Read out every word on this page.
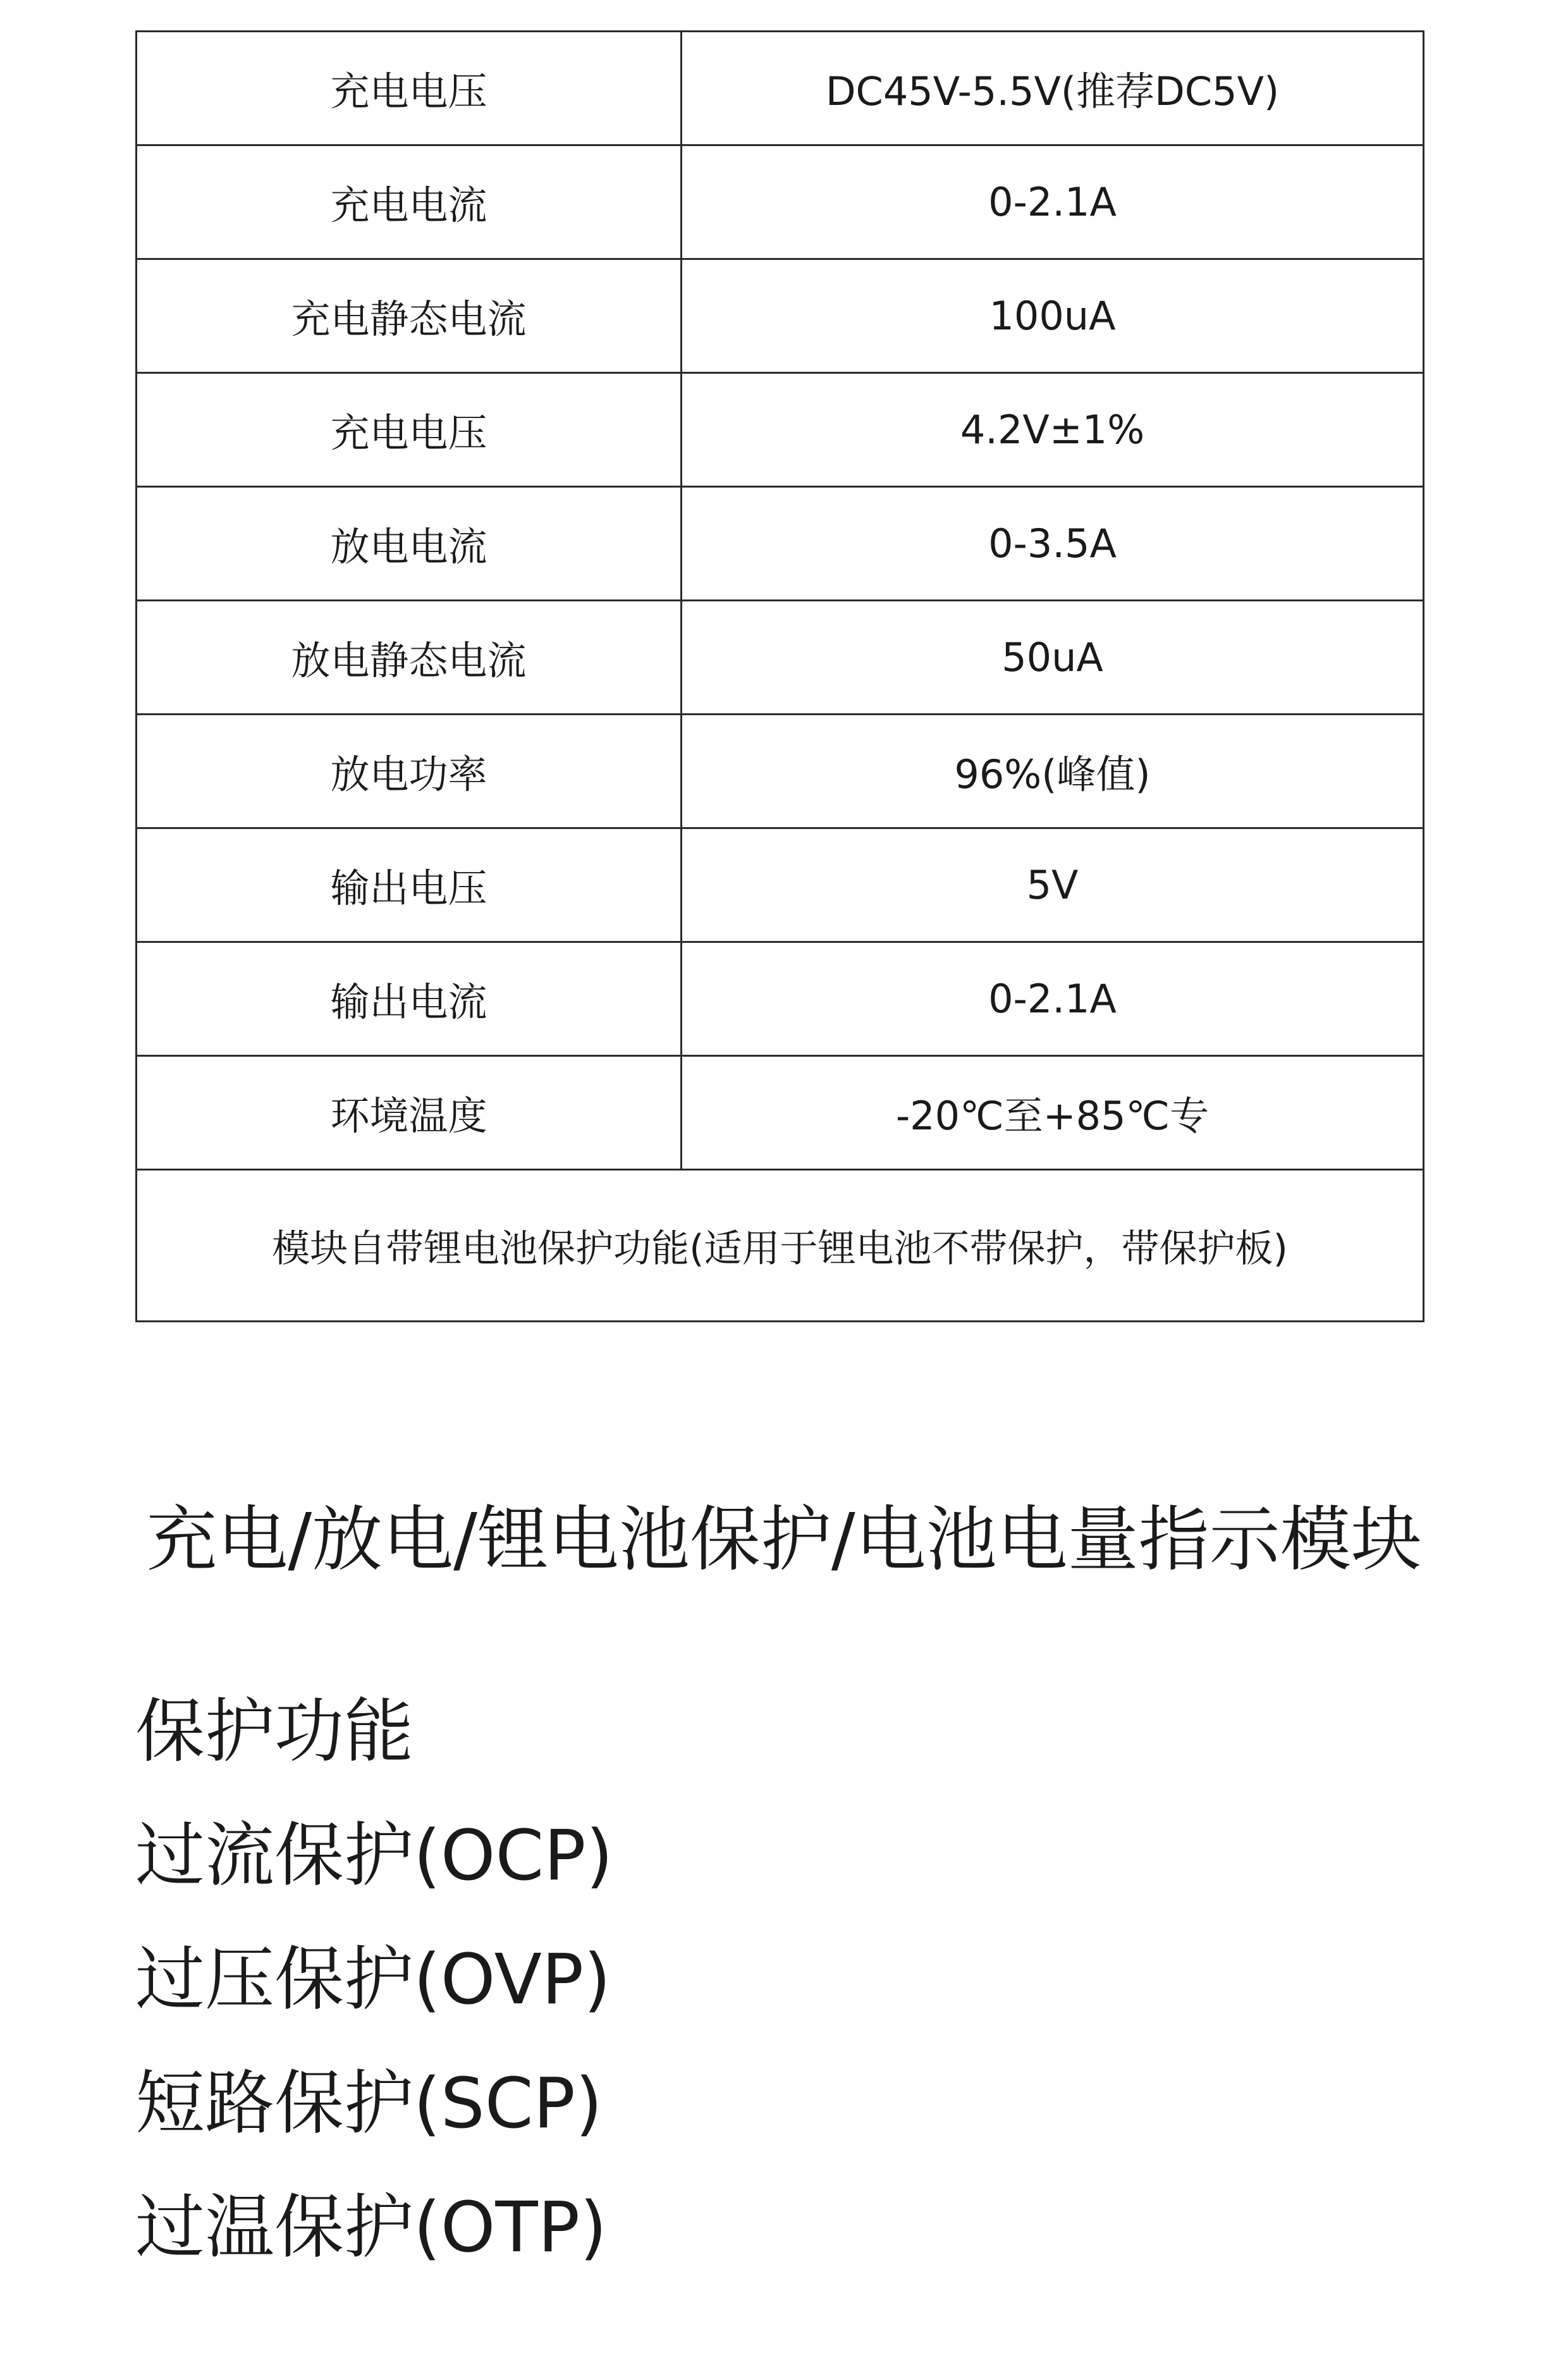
充电电压	DC45V-5.5V(推荐DC5V)
充电电流	0-2.1A
充电静态电流	100uA
充电电压	4.2V±1%
放电电流	0-3.5A
放电静态电流	50uA
放电功率	96%(峰值)
输出电压	5V
输出电流	0-2.1A
环境温度	-20℃至+85℃专
模块自带锂电池保护功能(适用于锂电池不带保护，带保护板)	
充电/放电/锂电池保护/电池电量指示模块
保护功能
过流保护(OCP)
过压保护(OVP)
短路保护(SCP)
过温保护(OTP)
